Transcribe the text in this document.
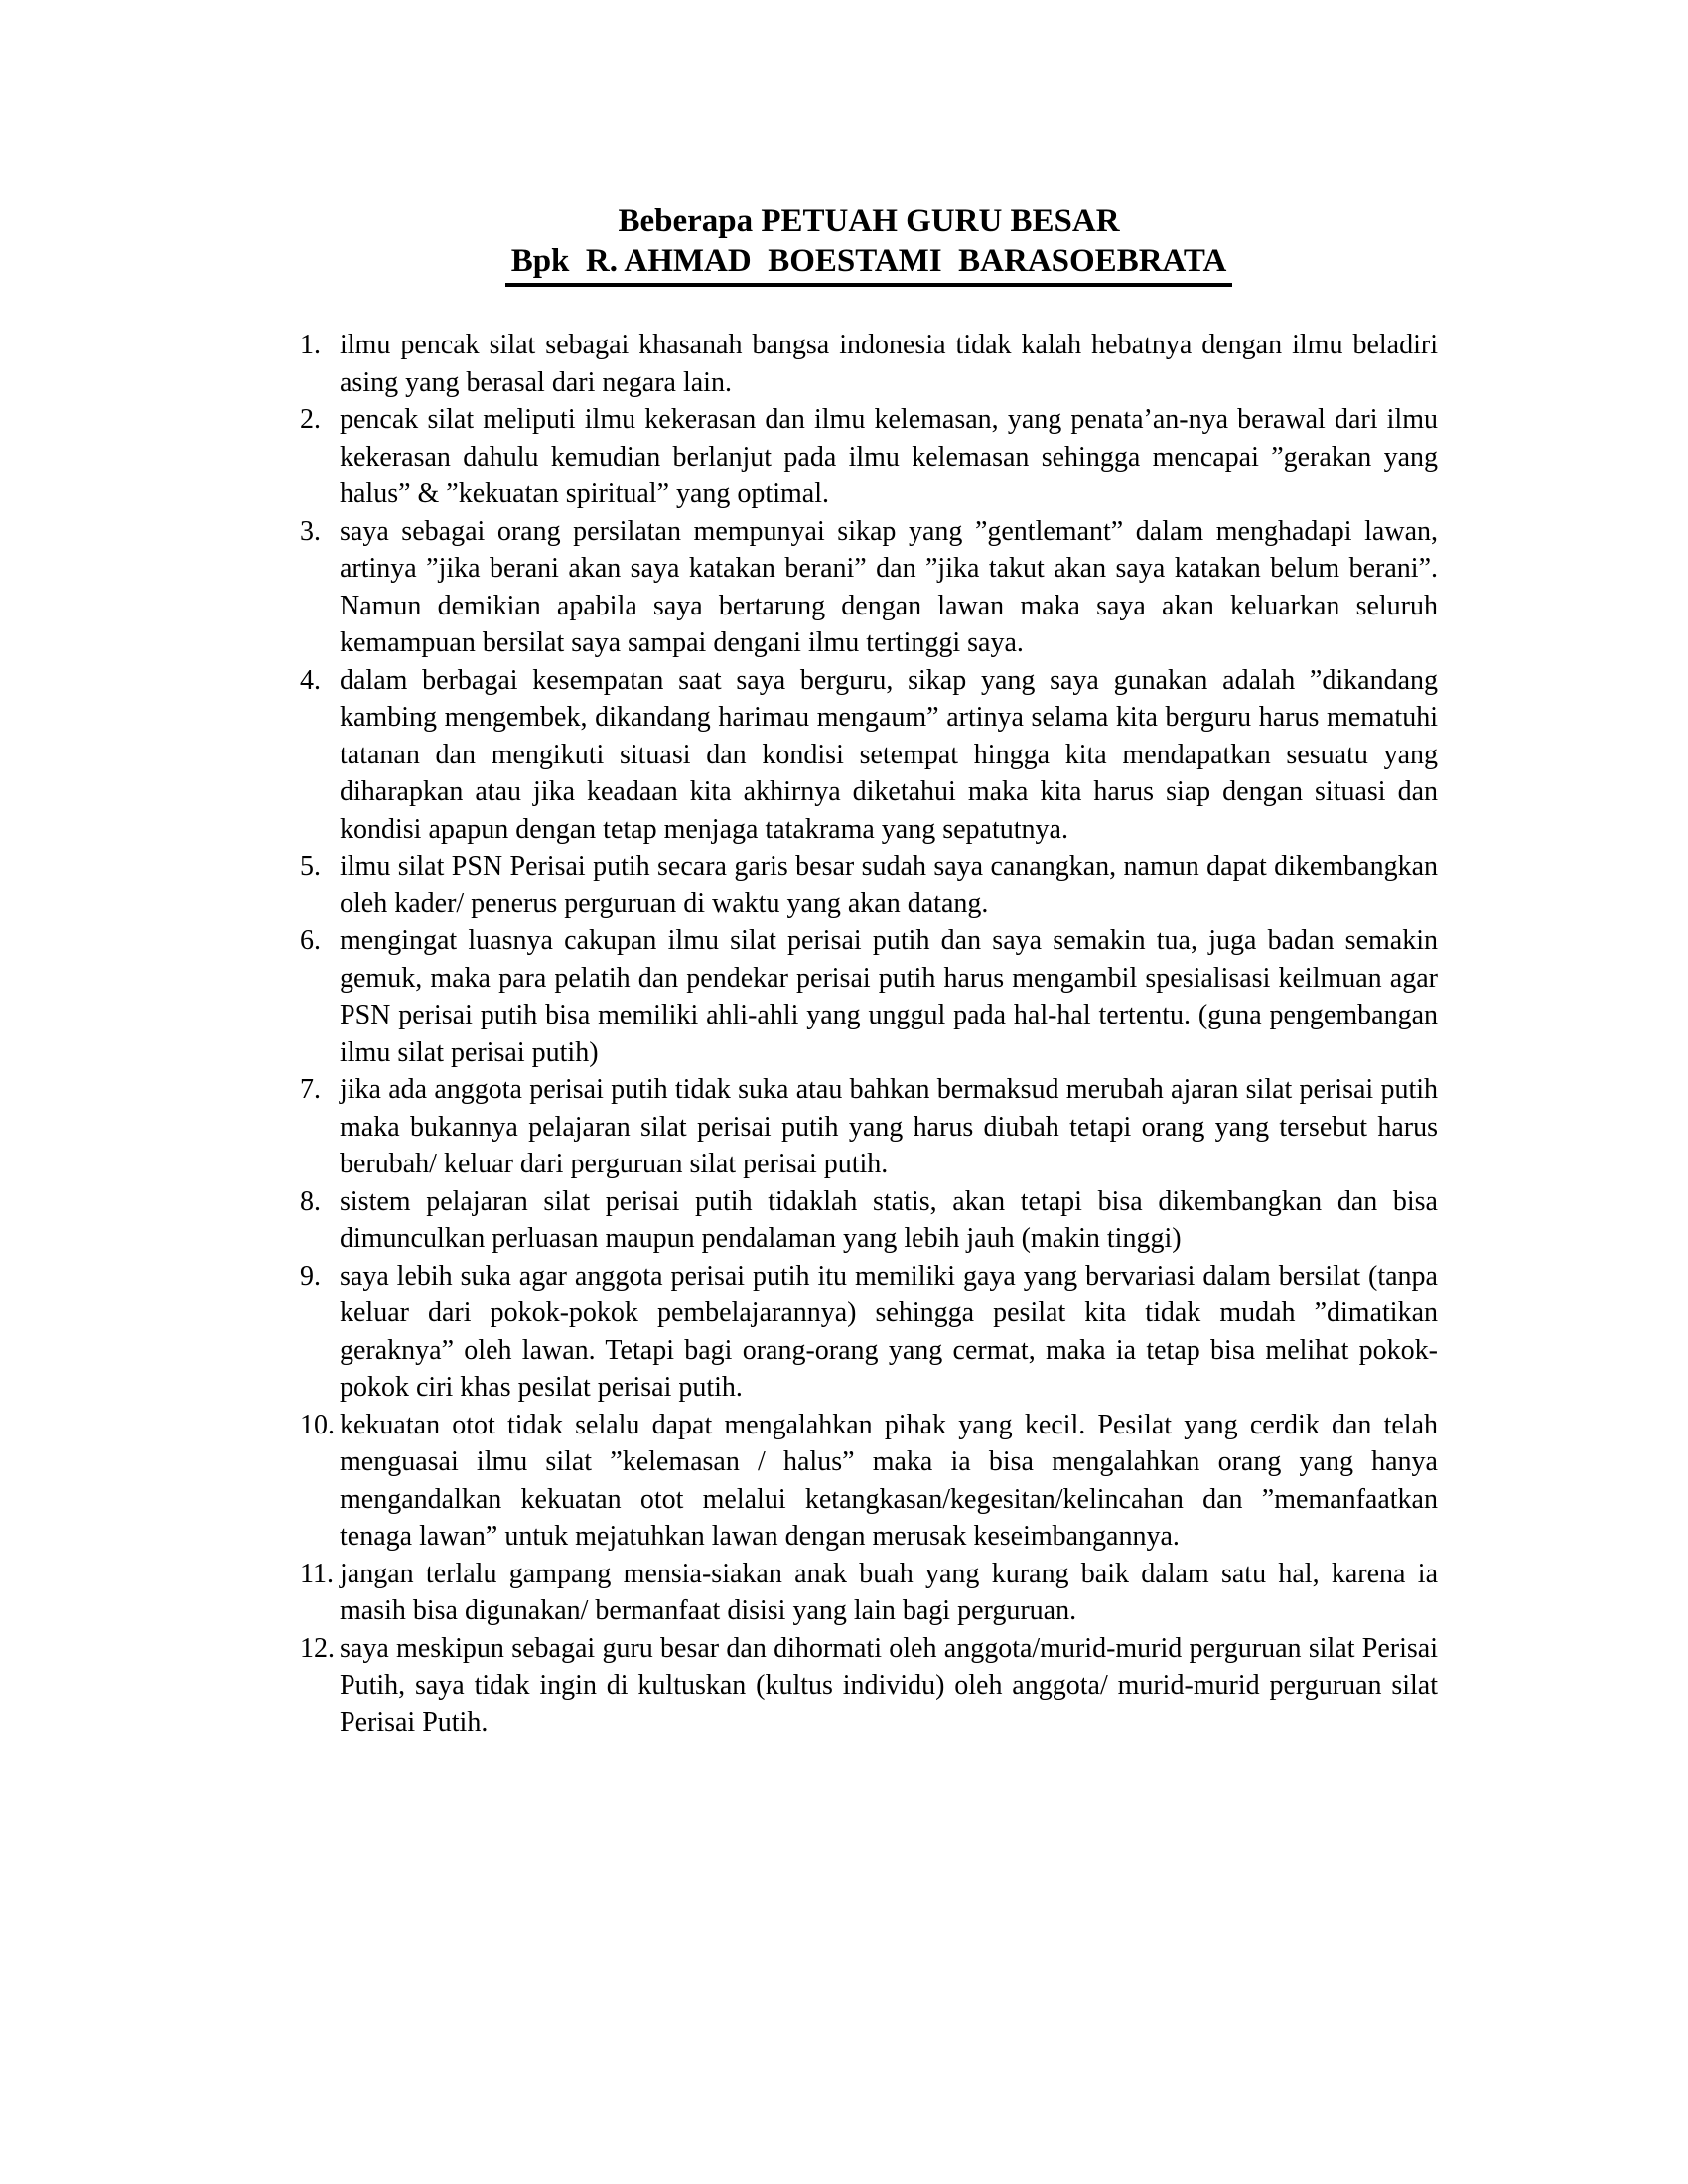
Beberapa PETUAH GURU BESAR
Bpk  R. AHMAD  BOESTAMI  BARASOEBRATA
1. ilmu pencak silat sebagai khasanah bangsa indonesia tidak kalah hebatnya dengan ilmu beladiri asing yang berasal dari negara lain.

2. pencak silat meliputi ilmu kekerasan dan ilmu kelemasan, yang penata’an-nya berawal dari ilmu kekerasan dahulu kemudian berlanjut pada ilmu kelemasan sehingga mencapai ”gerakan yang halus” & ”kekuatan spiritual” yang optimal.

3. saya sebagai orang persilatan mempunyai sikap yang ”gentlemant” dalam menghadapi lawan, artinya ”jika berani akan saya katakan berani” dan ”jika takut akan saya katakan belum berani”. Namun demikian apabila saya bertarung dengan lawan maka saya akan keluarkan seluruh kemampuan bersilat saya sampai dengani ilmu tertinggi saya.

4. dalam berbagai kesempatan saat saya berguru, sikap yang saya gunakan adalah ”dikandang kambing mengembek, dikandang harimau mengaum” artinya selama kita berguru harus mematuhi tatanan dan mengikuti situasi dan kondisi setempat hingga kita mendapatkan sesuatu yang diharapkan atau jika keadaan kita akhirnya diketahui maka kita harus siap dengan situasi dan kondisi apapun dengan tetap menjaga tatakrama yang sepatutnya.

5. ilmu silat PSN Perisai putih secara garis besar sudah saya canangkan, namun dapat dikembangkan oleh kader/ penerus perguruan di waktu yang akan datang.

6. mengingat luasnya cakupan ilmu silat perisai putih dan saya semakin tua, juga badan semakin gemuk, maka para pelatih dan pendekar perisai putih harus mengambil spesialisasi keilmuan agar PSN perisai putih bisa memiliki ahli-ahli yang unggul pada hal-hal tertentu. (guna pengembangan ilmu silat perisai putih)

7. jika ada anggota perisai putih tidak suka atau bahkan bermaksud merubah ajaran silat perisai putih maka bukannya pelajaran silat perisai putih yang harus diubah tetapi orang yang tersebut harus berubah/ keluar dari perguruan silat perisai putih.

8. sistem pelajaran silat perisai putih tidaklah statis, akan tetapi bisa dikembangkan dan bisa dimunculkan perluasan maupun pendalaman yang lebih jauh (makin tinggi)

9. saya lebih suka agar anggota perisai putih itu memiliki gaya yang bervariasi dalam bersilat (tanpa keluar dari pokok-pokok pembelajarannya) sehingga pesilat kita tidak mudah ”dimatikan geraknya” oleh lawan. Tetapi bagi orang-orang yang cermat, maka ia tetap bisa melihat pokok-pokok ciri khas pesilat perisai putih.

10. kekuatan otot tidak selalu dapat mengalahkan pihak yang kecil. Pesilat yang cerdik dan telah menguasai ilmu silat ”kelemasan / halus” maka ia bisa mengalahkan orang yang hanya mengandalkan kekuatan otot melalui ketangkasan/kegesitan/kelincahan dan ”memanfaatkan tenaga lawan” untuk mejatuhkan lawan dengan merusak keseimbangannya.

11. jangan terlalu gampang mensia-siakan anak buah yang kurang baik dalam satu hal, karena ia masih bisa digunakan/ bermanfaat disisi yang lain bagi perguruan.

12. saya meskipun sebagai guru besar dan dihormati oleh anggota/murid-murid perguruan silat Perisai Putih, saya tidak ingin di kultuskan (kultus individu) oleh anggota/ murid-murid perguruan silat Perisai Putih.
